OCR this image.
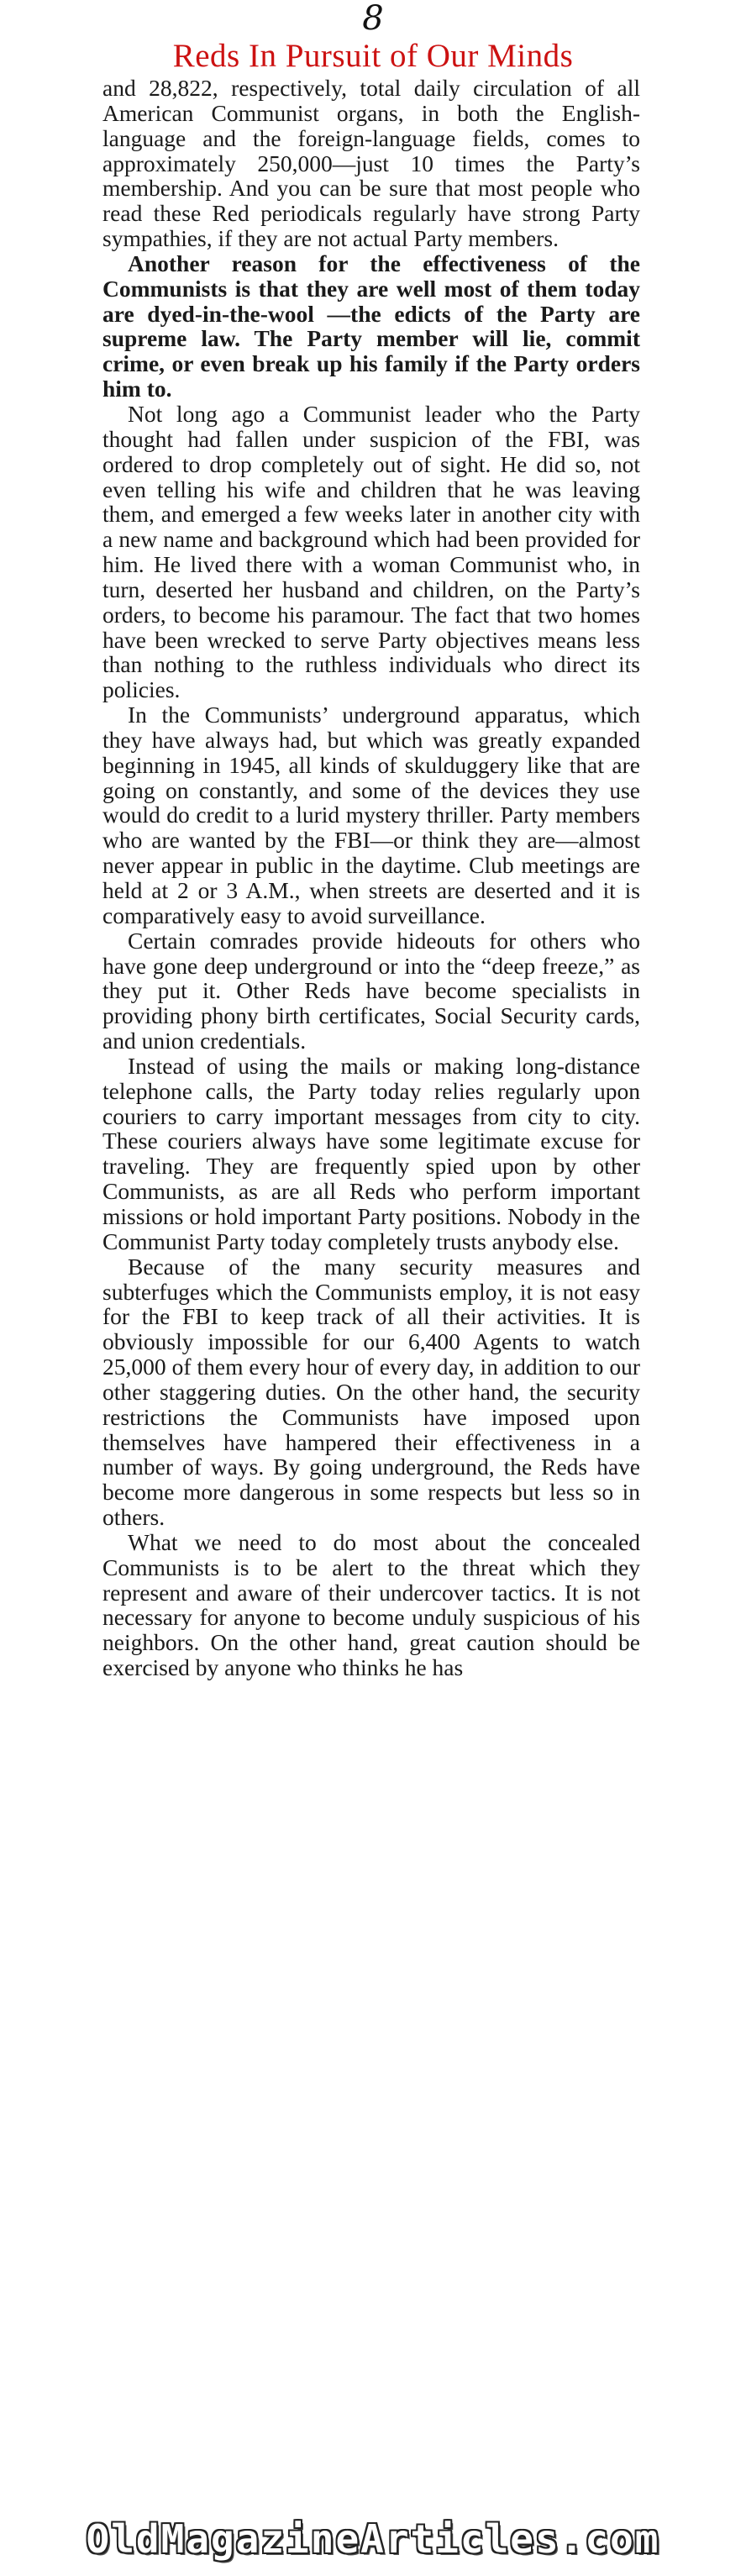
8
Reds In Pursuit of Our Minds

and 28,822, respectively, total daily circulation of all American Communist organs, in both the English-language and the foreign-language fields, comes to approximately 250,000—just 10 times the Party’s membership. And you can be sure that most people who read these Red periodicals regularly have strong Party sympathies, if they are not actual Party members.

Another reason for the effectiveness of the Communists is that they are well most of them today are dyed-in-the-wool —the edicts of the Party are supreme law. The Party member will lie, commit crime, or even break up his family if the Party orders him to.

Not long ago a Communist leader who the Party thought had fallen under suspicion of the FBI, was ordered to drop completely out of sight. He did so, not even telling his wife and children that he was leaving them, and emerged a few weeks later in another city with a new name and background which had been provided for him. He lived there with a woman Communist who, in turn, deserted her husband and children, on the Party’s orders, to become his paramour. The fact that two homes have been wrecked to serve Party objectives means less than nothing to the ruthless individuals who direct its policies.

In the Communists’ underground apparatus, which they have always had, but which was greatly expanded beginning in 1945, all kinds of skulduggery like that are going on constantly, and some of the devices they use would do credit to a lurid mystery thriller. Party members who are wanted by the FBI—or think they are—almost never appear in public in the daytime. Club meetings are held at 2 or 3 A.M., when streets are deserted and it is comparatively easy to avoid surveillance.

Certain comrades provide hideouts for others who have gone deep underground or into the “deep freeze,” as they put it. Other Reds have become specialists in providing phony birth certificates, Social Security cards, and union credentials.

Instead of using the mails or making long-distance telephone calls, the Party today relies regularly upon couriers to carry important messages from city to city. These couriers always have some legitimate excuse for traveling. They are frequently spied upon by other Communists, as are all Reds who perform important missions or hold important Party positions. Nobody in the Communist Party today completely trusts anybody else.

Because of the many security measures and subterfuges which the Communists employ, it is not easy for the FBI to keep track of all their activities. It is obviously impossible for our 6,400 Agents to watch 25,000 of them every hour of every day, in addition to our other staggering duties. On the other hand, the security restrictions the Communists have imposed upon themselves have hampered their effectiveness in a number of ways. By going underground, the Reds have become more dangerous in some respects but less so in others.

What we need to do most about the concealed Communists is to be alert to the threat which they represent and aware of their undercover tactics. It is not necessary for anyone to become unduly suspicious of his neighbors. On the other hand, great caution should be exercised by anyone who thinks he has

OldMagazineArticles.com
